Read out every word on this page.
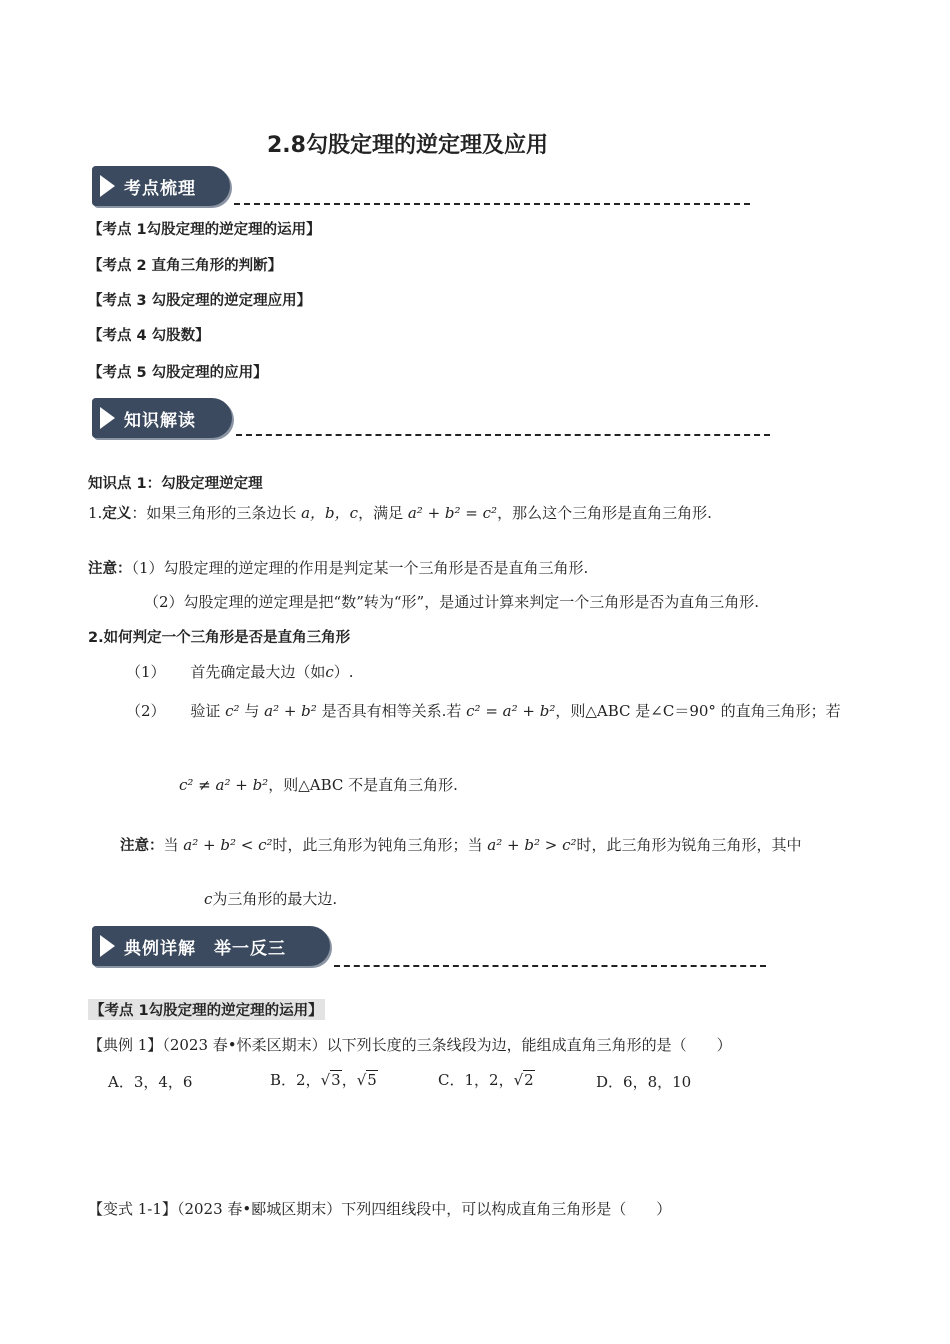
2.8勾股定理的逆定理及应用
考点梳理
【考点 1勾股定理的逆定理的运用】
【考点 2 直角三角形的判断】
【考点 3 勾股定理的逆定理应用】
【考点 4 勾股数】
【考点 5 勾股定理的应用】
知识解读
知识点 1：勾股定理逆定理
1.定义：如果三角形的三条边长 a，b，c，满足 a² + b² = c²，那么这个三角形是直角三角形.
注意：（1）勾股定理的逆定理的作用是判定某一个三角形是否是直角三角形.
（2）勾股定理的逆定理是把“数”转为“形”，是通过计算来判定一个三角形是否为直角三角形.
2.如何判定一个三角形是否是直角三角形
（1） 首先确定最大边（如c）.
（2） 验证 c² 与 a² + b² 是否具有相等关系.若 c² = a² + b²，则△ABC 是∠C＝90° 的直角三角形；若
c² ≠ a² + b²，则△ABC 不是直角三角形.
注意：当 a² + b² < c²时，此三角形为钝角三角形；当 a² + b² > c²时，此三角形为锐角三角形，其中
c为三角形的最大边.
典例详解　举一反三
【考点 1勾股定理的逆定理的运用】
【典例 1】（2023 春•怀柔区期末）以下列长度的三条线段为边，能组成直角三角形的是（　　）
A．3，4，6	B．2，√3，√5	C．1，2，√2	D．6，8，10
【变式 1-1】（2023 春•郾城区期末）下列四组线段中，可以构成直角三角形是（　　）
